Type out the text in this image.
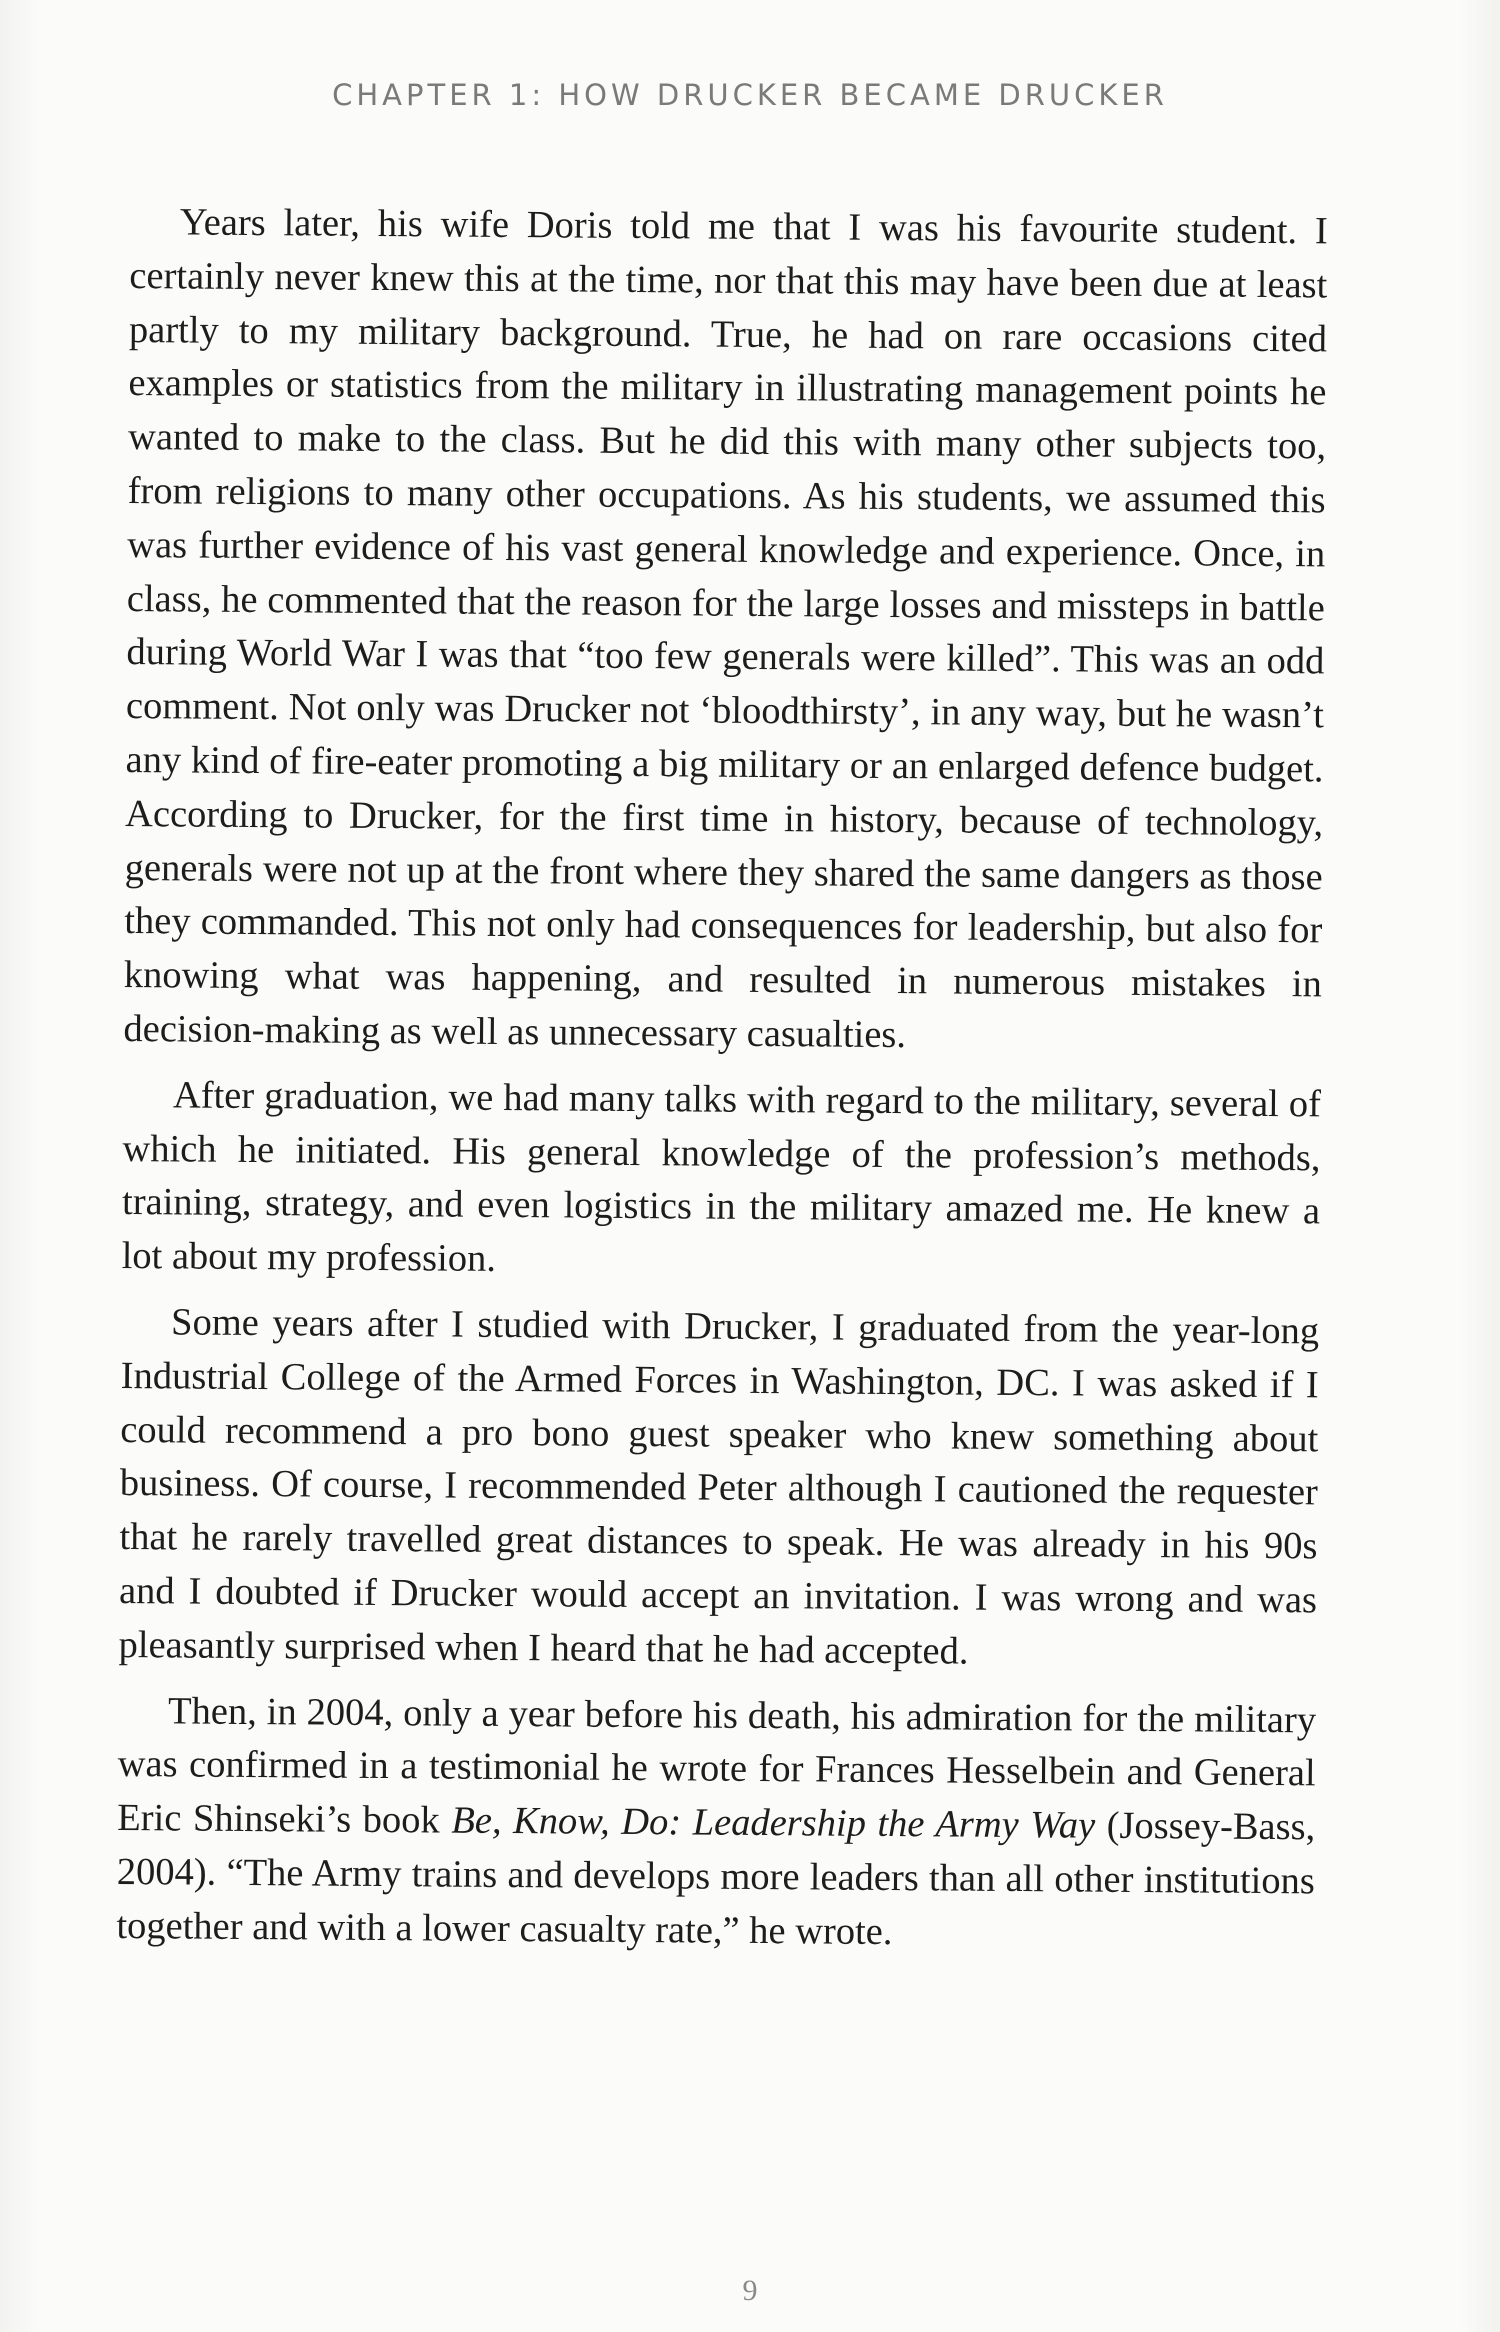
CHAPTER 1: HOW DRUCKER BECAME DRUCKER

Years later, his wife Doris told me that I was his favourite student. I certainly never knew this at the time, nor that this may have been due at least partly to my military background. True, he had on rare occasions cited examples or statistics from the military in illustrating management points he wanted to make to the class. But he did this with many other subjects too, from religions to many other occupations. As his students, we assumed this was further evidence of his vast general knowledge and experience. Once, in class, he commented that the reason for the large losses and missteps in battle during World War I was that “too few generals were killed”. This was an odd comment. Not only was Drucker not ‘bloodthirsty’, in any way, but he wasn’t any kind of fire-eater promoting a big military or an enlarged defence budget. According to Drucker, for the first time in history, because of technology, generals were not up at the front where they shared the same dangers as those they commanded. This not only had consequences for leadership, but also for knowing what was happening, and resulted in numerous mistakes in decision-making as well as unnecessary casualties.

After graduation, we had many talks with regard to the military, several of which he initiated. His general knowledge of the profession’s methods, training, strategy, and even logistics in the military amazed me. He knew a lot about my profession.

Some years after I studied with Drucker, I graduated from the year-long Industrial College of the Armed Forces in Washington, DC. I was asked if I could recommend a pro bono guest speaker who knew something about business. Of course, I recommended Peter although I cautioned the requester that he rarely travelled great distances to speak. He was already in his 90s and I doubted if Drucker would accept an invitation. I was wrong and was pleasantly surprised when I heard that he had accepted.

Then, in 2004, only a year before his death, his admiration for the military was confirmed in a testimonial he wrote for Frances Hesselbein and General Eric Shinseki’s book Be, Know, Do: Leadership the Army Way (Jossey-Bass, 2004). “The Army trains and develops more leaders than all other institutions together and with a lower casualty rate,” he wrote.

9
